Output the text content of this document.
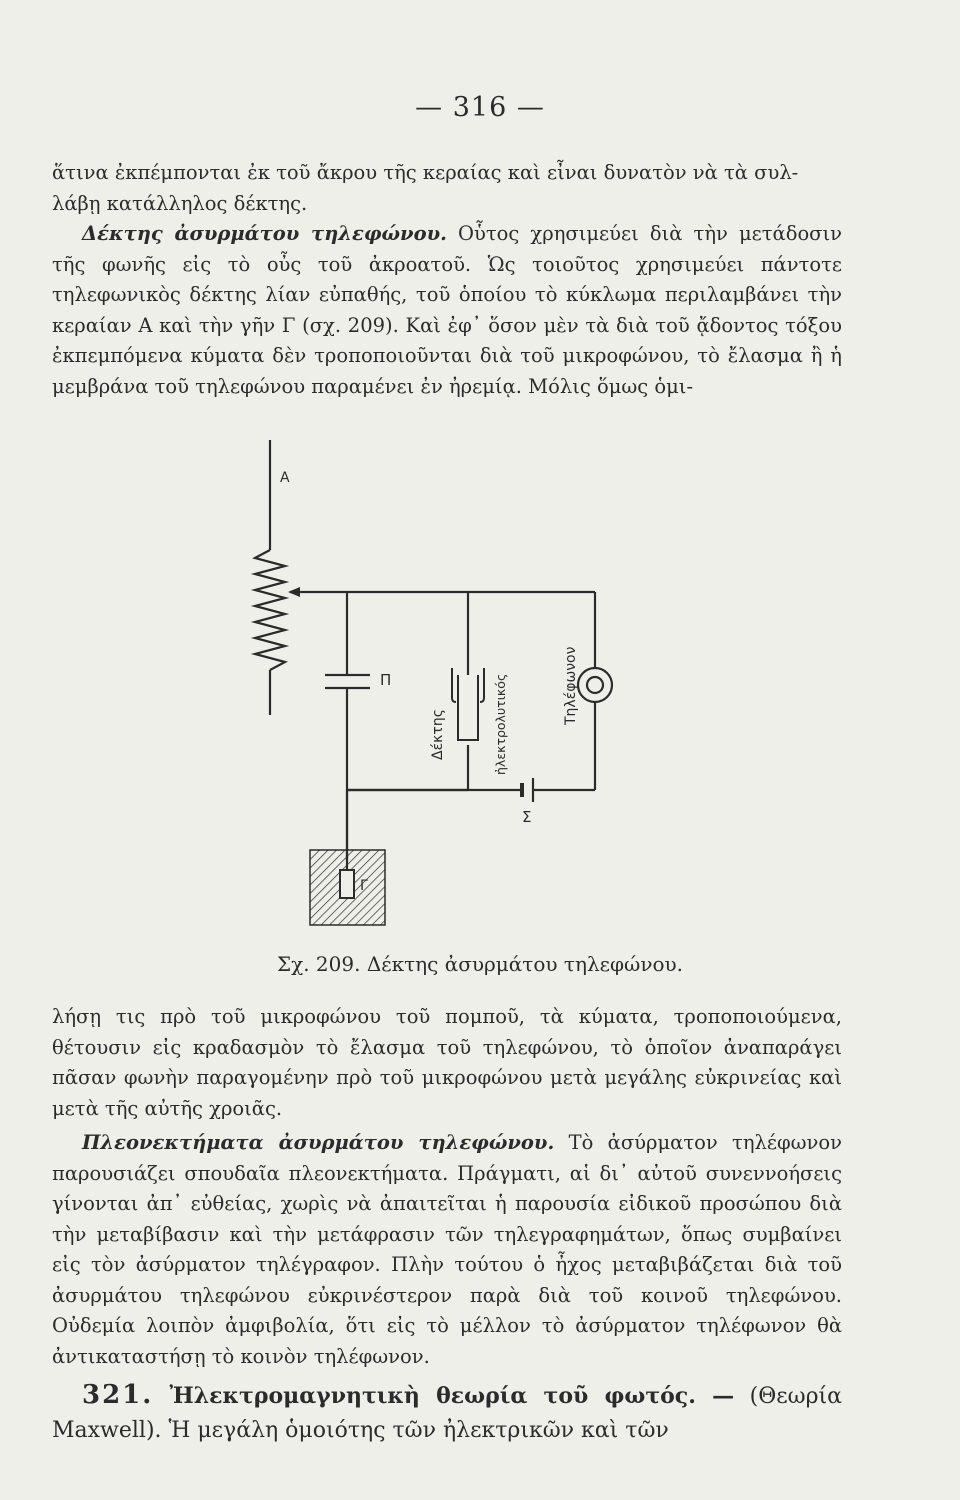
— 316 —

ἅτινα ἐκπέμπονται ἐκ τοῦ ἄκρου τῆς κεραίας καὶ εἶναι δυνατὸν νὰ τὰ συλ-
λάβῃ κατάλληλος δέκτης.
Δέκτης ἀσυρμάτου τηλεφώνου. Οὗτος χρησιμεύει διὰ τὴν μετάδοσιν τῆς φωνῆς εἰς τὸ οὖς τοῦ ἀκροατοῦ. Ὡς τοιοῦτος χρησιμεύει πάντοτε τηλεφωνικὸς δέκτης λίαν εὐπαθής, τοῦ ὁποίου τὸ κύκλωμα περιλαμβάνει τὴν κεραίαν Α καὶ τὴν γῆν Γ (σχ. 209). Καὶ ἐφ᾽ ὅσον μὲν τὰ διὰ τοῦ ᾄδοντος τόξου ἐκπεμπόμενα κύματα δὲν τροποποιοῦνται διὰ τοῦ μικροφώνου, τὸ ἔλασμα ἢ ἡ μεμβράνα τοῦ τηλεφώνου παραμένει ἐν ἠρεμίᾳ. Μόλις ὅμως ὁμι-

Α
Π
Δέκτης	ἠλεκτρολυτικός	Τηλέφωνον
Σ
Γ
Σχ. 209. Δέκτης ἀσυρμάτου τηλεφώνου.

λήσῃ τις πρὸ τοῦ μικροφώνου τοῦ πομποῦ, τὰ κύματα, τροποποιούμενα, θέτουσιν εἰς κραδασμὸν τὸ ἔλασμα τοῦ τηλεφώνου, τὸ ὁποῖον ἀναπαράγει πᾶσαν φωνὴν παραγομένην πρὸ τοῦ μικροφώνου μετὰ μεγάλης εὐκρινείας καὶ μετὰ τῆς αὐτῆς χροιᾶς.

Πλεονεκτήματα ἀσυρμάτου τηλεφώνου. Τὸ ἀσύρματον τηλέφωνον παρουσιάζει σπουδαῖα πλεονεκτήματα. Πράγματι, αἱ δι᾽ αὐτοῦ συνεννοήσεις γίνονται ἀπ᾽ εὐθείας, χωρὶς νὰ ἀπαιτεῖται ἡ παρουσία εἰδικοῦ προσώπου διὰ τὴν μεταβίβασιν καὶ τὴν μετάφρασιν τῶν τηλεγραφημάτων, ὅπως συμβαίνει εἰς τὸν ἀσύρματον τηλέγραφον. Πλὴν τούτου ὁ ἦχος μεταβιβάζεται διὰ τοῦ ἀσυρμάτου τηλεφώνου εὐκρινέστερον παρὰ διὰ τοῦ κοινοῦ τηλεφώνου. Οὐδεμία λοιπὸν ἀμφιβολία, ὅτι εἰς τὸ μέλλον τὸ ἀσύρματον τηλέφωνον θὰ ἀντικαταστήσῃ τὸ κοινὸν τηλέφωνον.

321. Ἠλεκτρομαγνητικὴ θεωρία τοῦ φωτός. — (Θεωρία Maxwell). Ἡ μεγάλη ὁμοιότης τῶν ἠλεκτρικῶν καὶ τῶν
